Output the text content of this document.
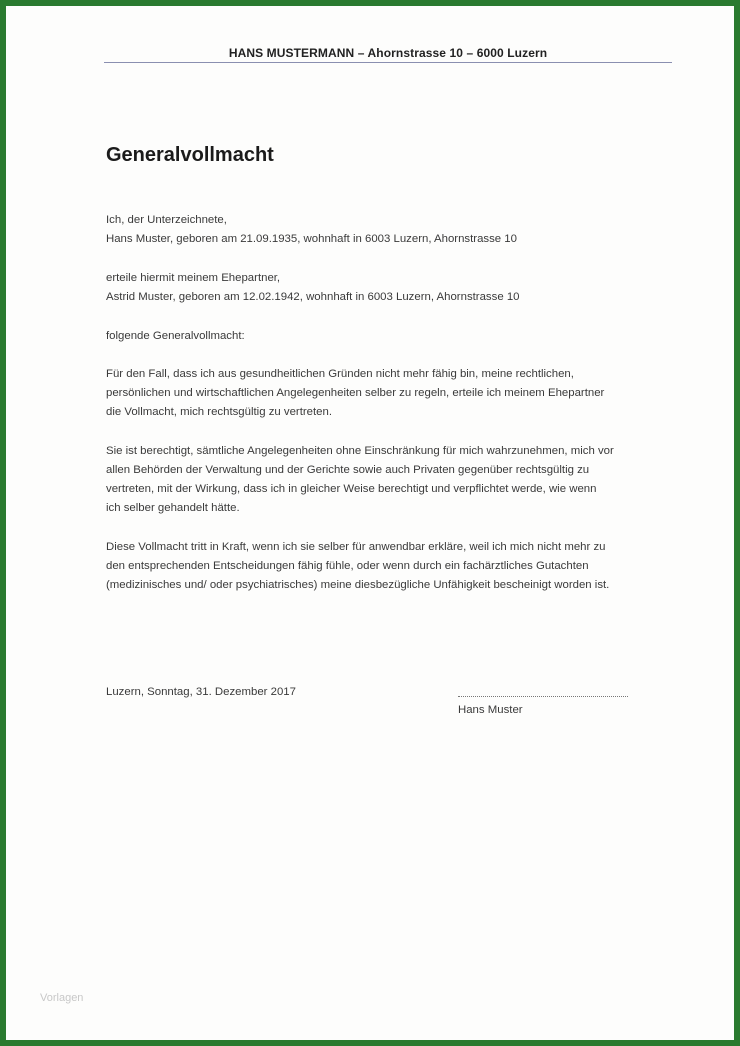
HANS MUSTERMANN – Ahornstrasse 10 – 6000 Luzern
Generalvollmacht
Ich, der Unterzeichnete,
Hans Muster, geboren am 21.09.1935, wohnhaft in 6003 Luzern, Ahornstrasse 10
erteile hiermit meinem Ehepartner,
Astrid Muster, geboren am 12.02.1942, wohnhaft in 6003 Luzern, Ahornstrasse 10
folgende Generalvollmacht:
Für den Fall, dass ich aus gesundheitlichen Gründen nicht mehr fähig bin, meine rechtlichen,
persönlichen und wirtschaftlichen Angelegenheiten selber zu regeln, erteile ich meinem Ehepartner
die Vollmacht, mich rechtsgültig zu vertreten.
Sie ist berechtigt, sämtliche Angelegenheiten ohne Einschränkung für mich wahrzunehmen, mich vor
allen Behörden der Verwaltung und der Gerichte sowie auch Privaten gegenüber rechtsgültig zu
vertreten, mit der Wirkung, dass ich in gleicher Weise berechtigt und verpflichtet werde, wie wenn
ich selber gehandelt hätte.
Diese Vollmacht tritt in Kraft, wenn ich sie selber für anwendbar erkläre, weil ich mich nicht mehr zu
den entsprechenden Entscheidungen fähig fühle, oder wenn durch ein fachärztliches Gutachten
(medizinisches und/ oder psychiatrisches) meine diesbezügliche Unfähigkeit bescheinigt worden ist.
Luzern, Sonntag, 31. Dezember 2017
Hans Muster
Vorlagen
